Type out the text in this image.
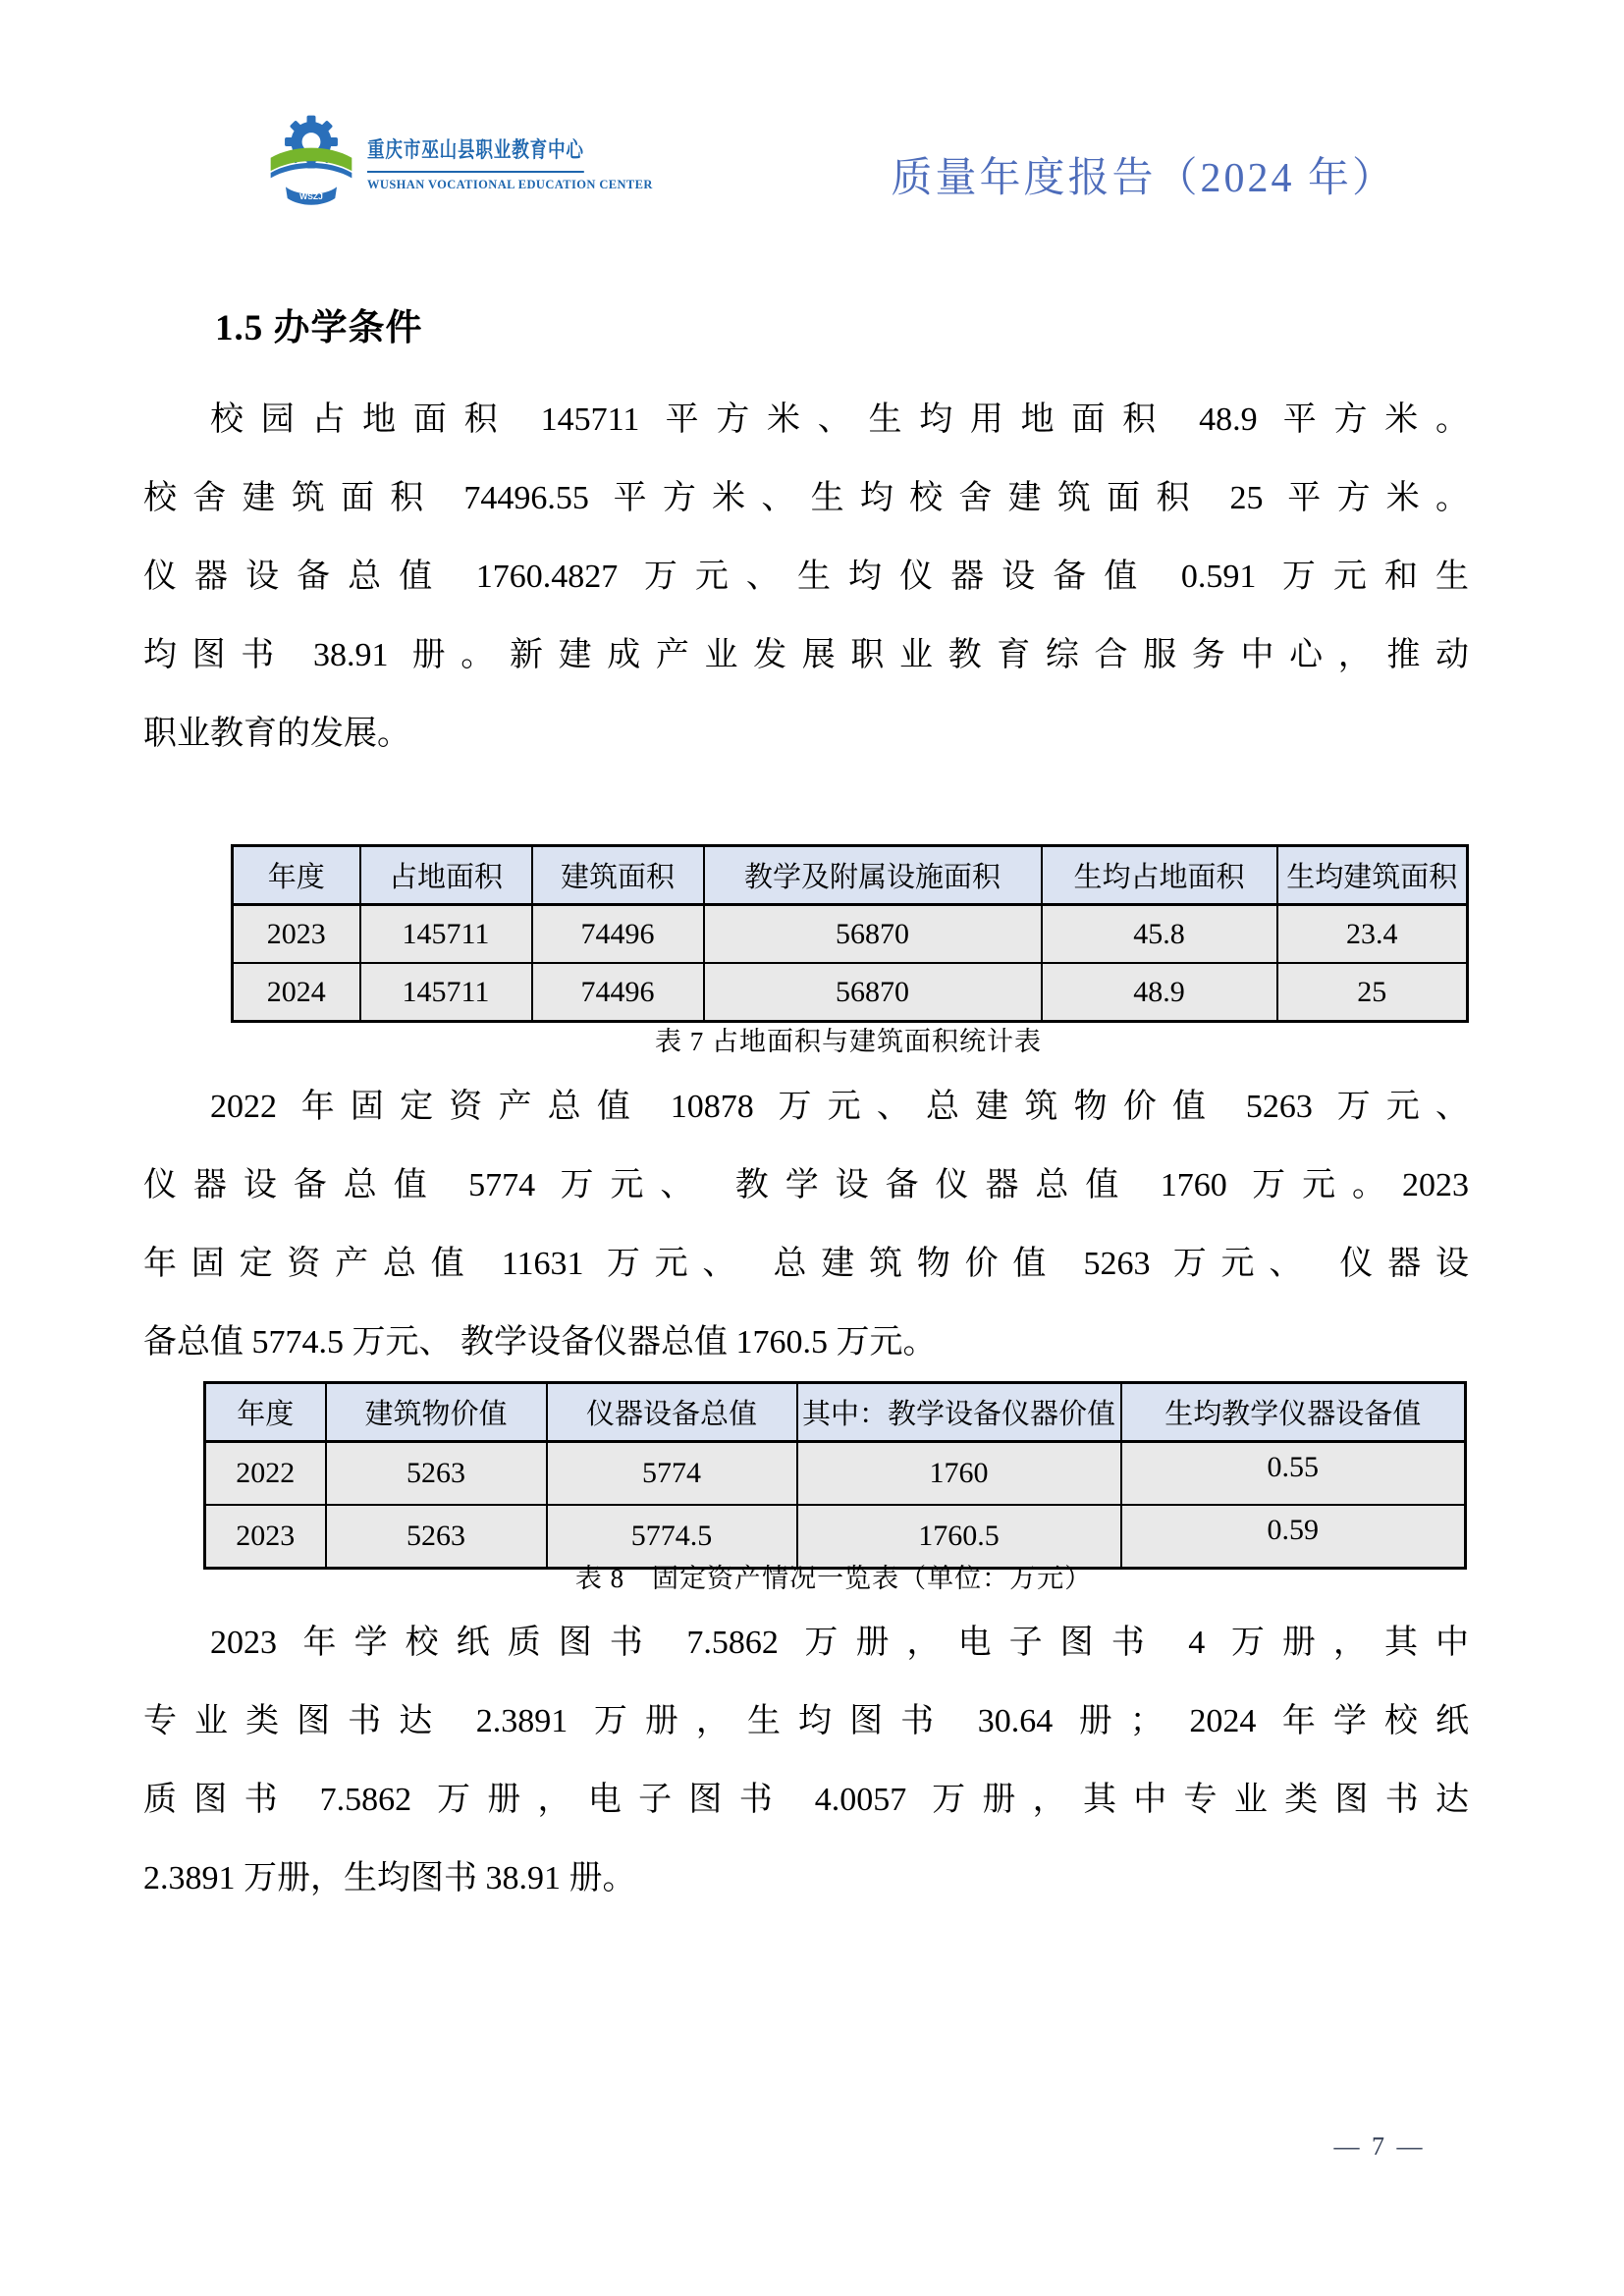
WSZJ
重庆市巫山县职业教育中心
WUSHAN VOCATIONAL EDUCATION CENTER	质量年度报告（2024 年）
1.5 办学条件
校园占地面积 145711 平方米、生均用地面积 48.9 平方米。
校舍建筑面积 74496.55 平方米、生均校舍建筑面积 25 平方米。
仪器设备总值 1760.4827 万元、生均仪器设备值 0.591 万元和生
均图书 38.91 册。新建成产业发展职业教育综合服务中心，推动
职业教育的发展。
年度	占地面积	建筑面积	教学及附属设施面积	生均占地面积	生均建筑面积
2023	145711	74496	56870	45.8	23.4
2024	145711	74496	56870	48.9	25
表 7 占地面积与建筑面积统计表
2022 年固定资产总值 10878 万元、总建筑物价值 5263 万元、
仪器设备总值 5774 万元、 教学设备仪器总值 1760 万元。2023
年固定资产总值 11631 万元、 总建筑物价值 5263 万元、 仪器设
备总值 5774.5 万元、 教学设备仪器总值 1760.5 万元。
年度	建筑物价值	仪器设备总值	其中：教学设备仪器价值	生均教学仪器设备值
2022	5263	5774	1760	0.55
2023	5263	5774.5	1760.5	0.59
表 8　固定资产情况一览表（单位：万元）
2023 年学校纸质图书 7.5862 万册，电子图书 4 万册，其中
专业类图书达 2.3891 万册，生均图书 30.64 册； 2024 年学校纸
质图书 7.5862 万册，电子图书 4.0057 万册，其中专业类图书达
2.3891 万册，生均图书 38.91 册。
— 7 —
